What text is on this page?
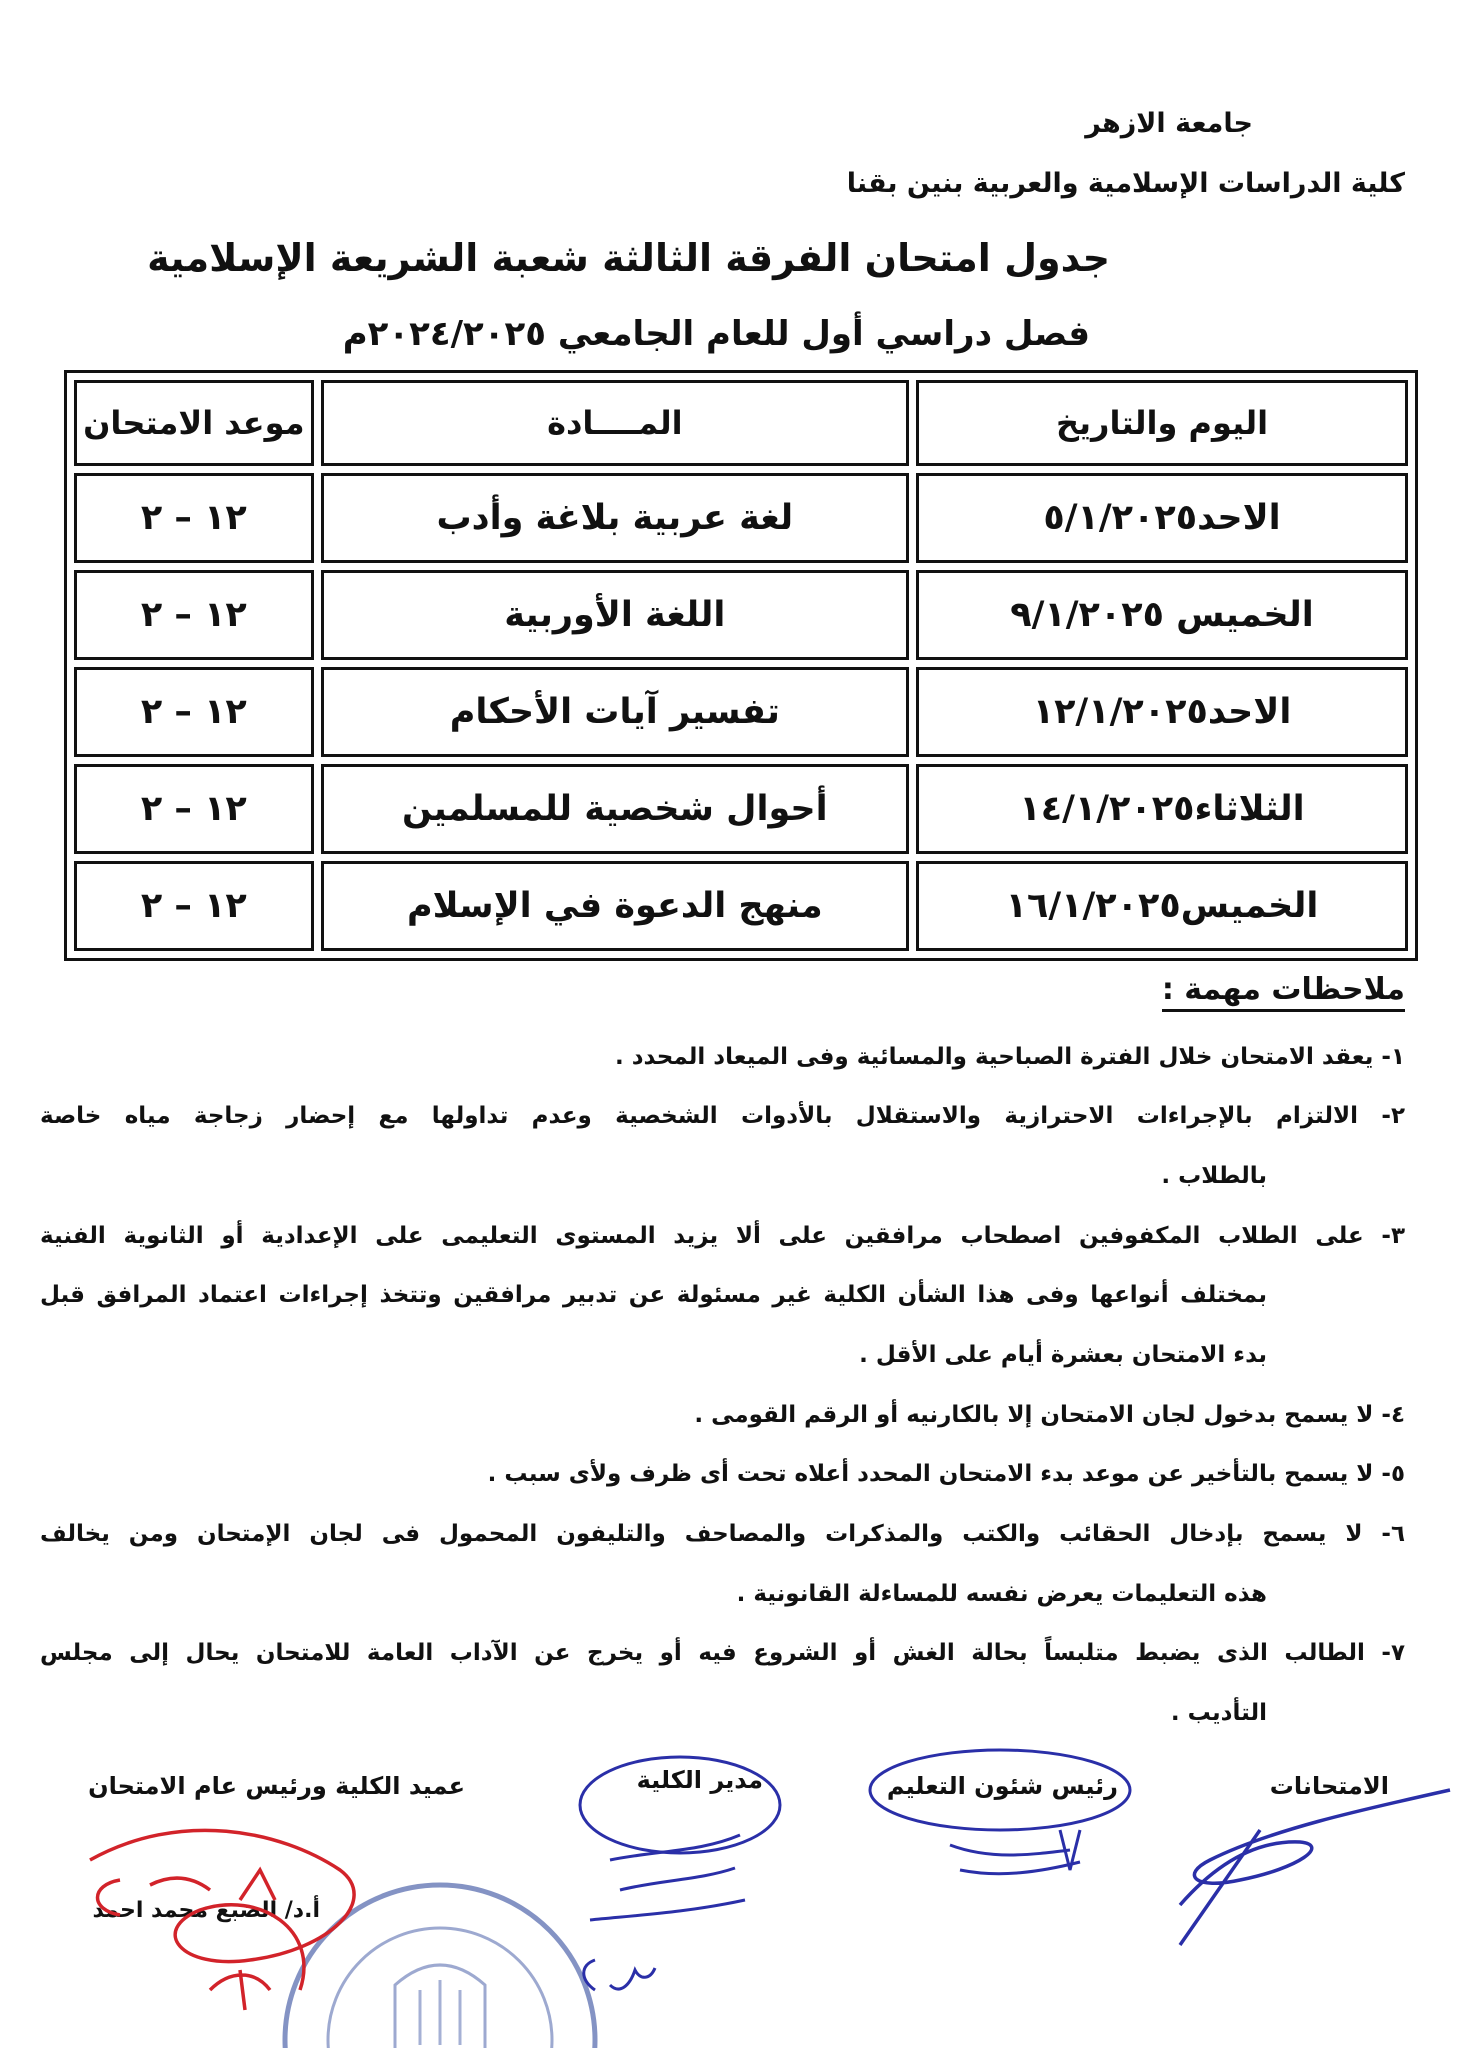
جامعة الازهر
كلية الدراسات الإسلامية والعربية بنين بقنا
جدول امتحان الفرقة الثالثة شعبة الشريعة الإسلامية
فصل دراسي أول للعام الجامعي ٢٠٢٤/٢٠٢٥م
اليوم والتاريخ	المــــادة	موعد الامتحان
الاحد٥/١/٢٠٢٥	لغة عربية بلاغة وأدب	١٢ – ٢
الخميس ٩/١/٢٠٢٥	اللغة الأوربية	١٢ – ٢
الاحد١٢/١/٢٠٢٥	تفسير آيات الأحكام	١٢ – ٢
الثلاثاء١٤/١/٢٠٢٥	أحوال شخصية للمسلمين	١٢ – ٢
الخميس١٦/١/٢٠٢٥	منهج الدعوة في الإسلام	١٢ – ٢
ملاحظات مهمة :
١- يعقد الامتحان خلال الفترة الصباحية والمسائية وفى الميعاد المحدد .
٢- الالتزام بالإجراءات الاحترازية والاستقلال بالأدوات الشخصية وعدم تداولها مع إحضار زجاجة مياه خاصة
بالطلاب .
٣- على الطلاب المكفوفين اصطحاب مرافقين على ألا يزيد المستوى التعليمى على الإعدادية أو الثانوية الفنية
بمختلف أنواعها وفى هذا الشأن الكلية غير مسئولة عن تدبير مرافقين وتتخذ إجراءات اعتماد المرافق قبل
بدء الامتحان بعشرة أيام على الأقل .
٤- لا يسمح بدخول لجان الامتحان إلا بالكارنيه أو الرقم القومى .
٥- لا يسمح بالتأخير عن موعد بدء الامتحان المحدد أعلاه تحت أى ظرف ولأى سبب .
٦- لا يسمح بإدخال الحقائب والكتب والمذكرات والمصاحف والتليفون المحمول فى لجان الإمتحان ومن يخالف
هذه التعليمات يعرض نفسه للمساءلة القانونية .
٧- الطالب الذى يضبط متلبساً بحالة الغش أو الشروع فيه أو يخرج عن الآداب العامة للامتحان يحال إلى مجلس
التأديب .
الامتحانات
رئيس شئون التعليم
مدير الكلية
عميد الكلية ورئيس عام الامتحان
أ.د/ الضبع محمد احمد
